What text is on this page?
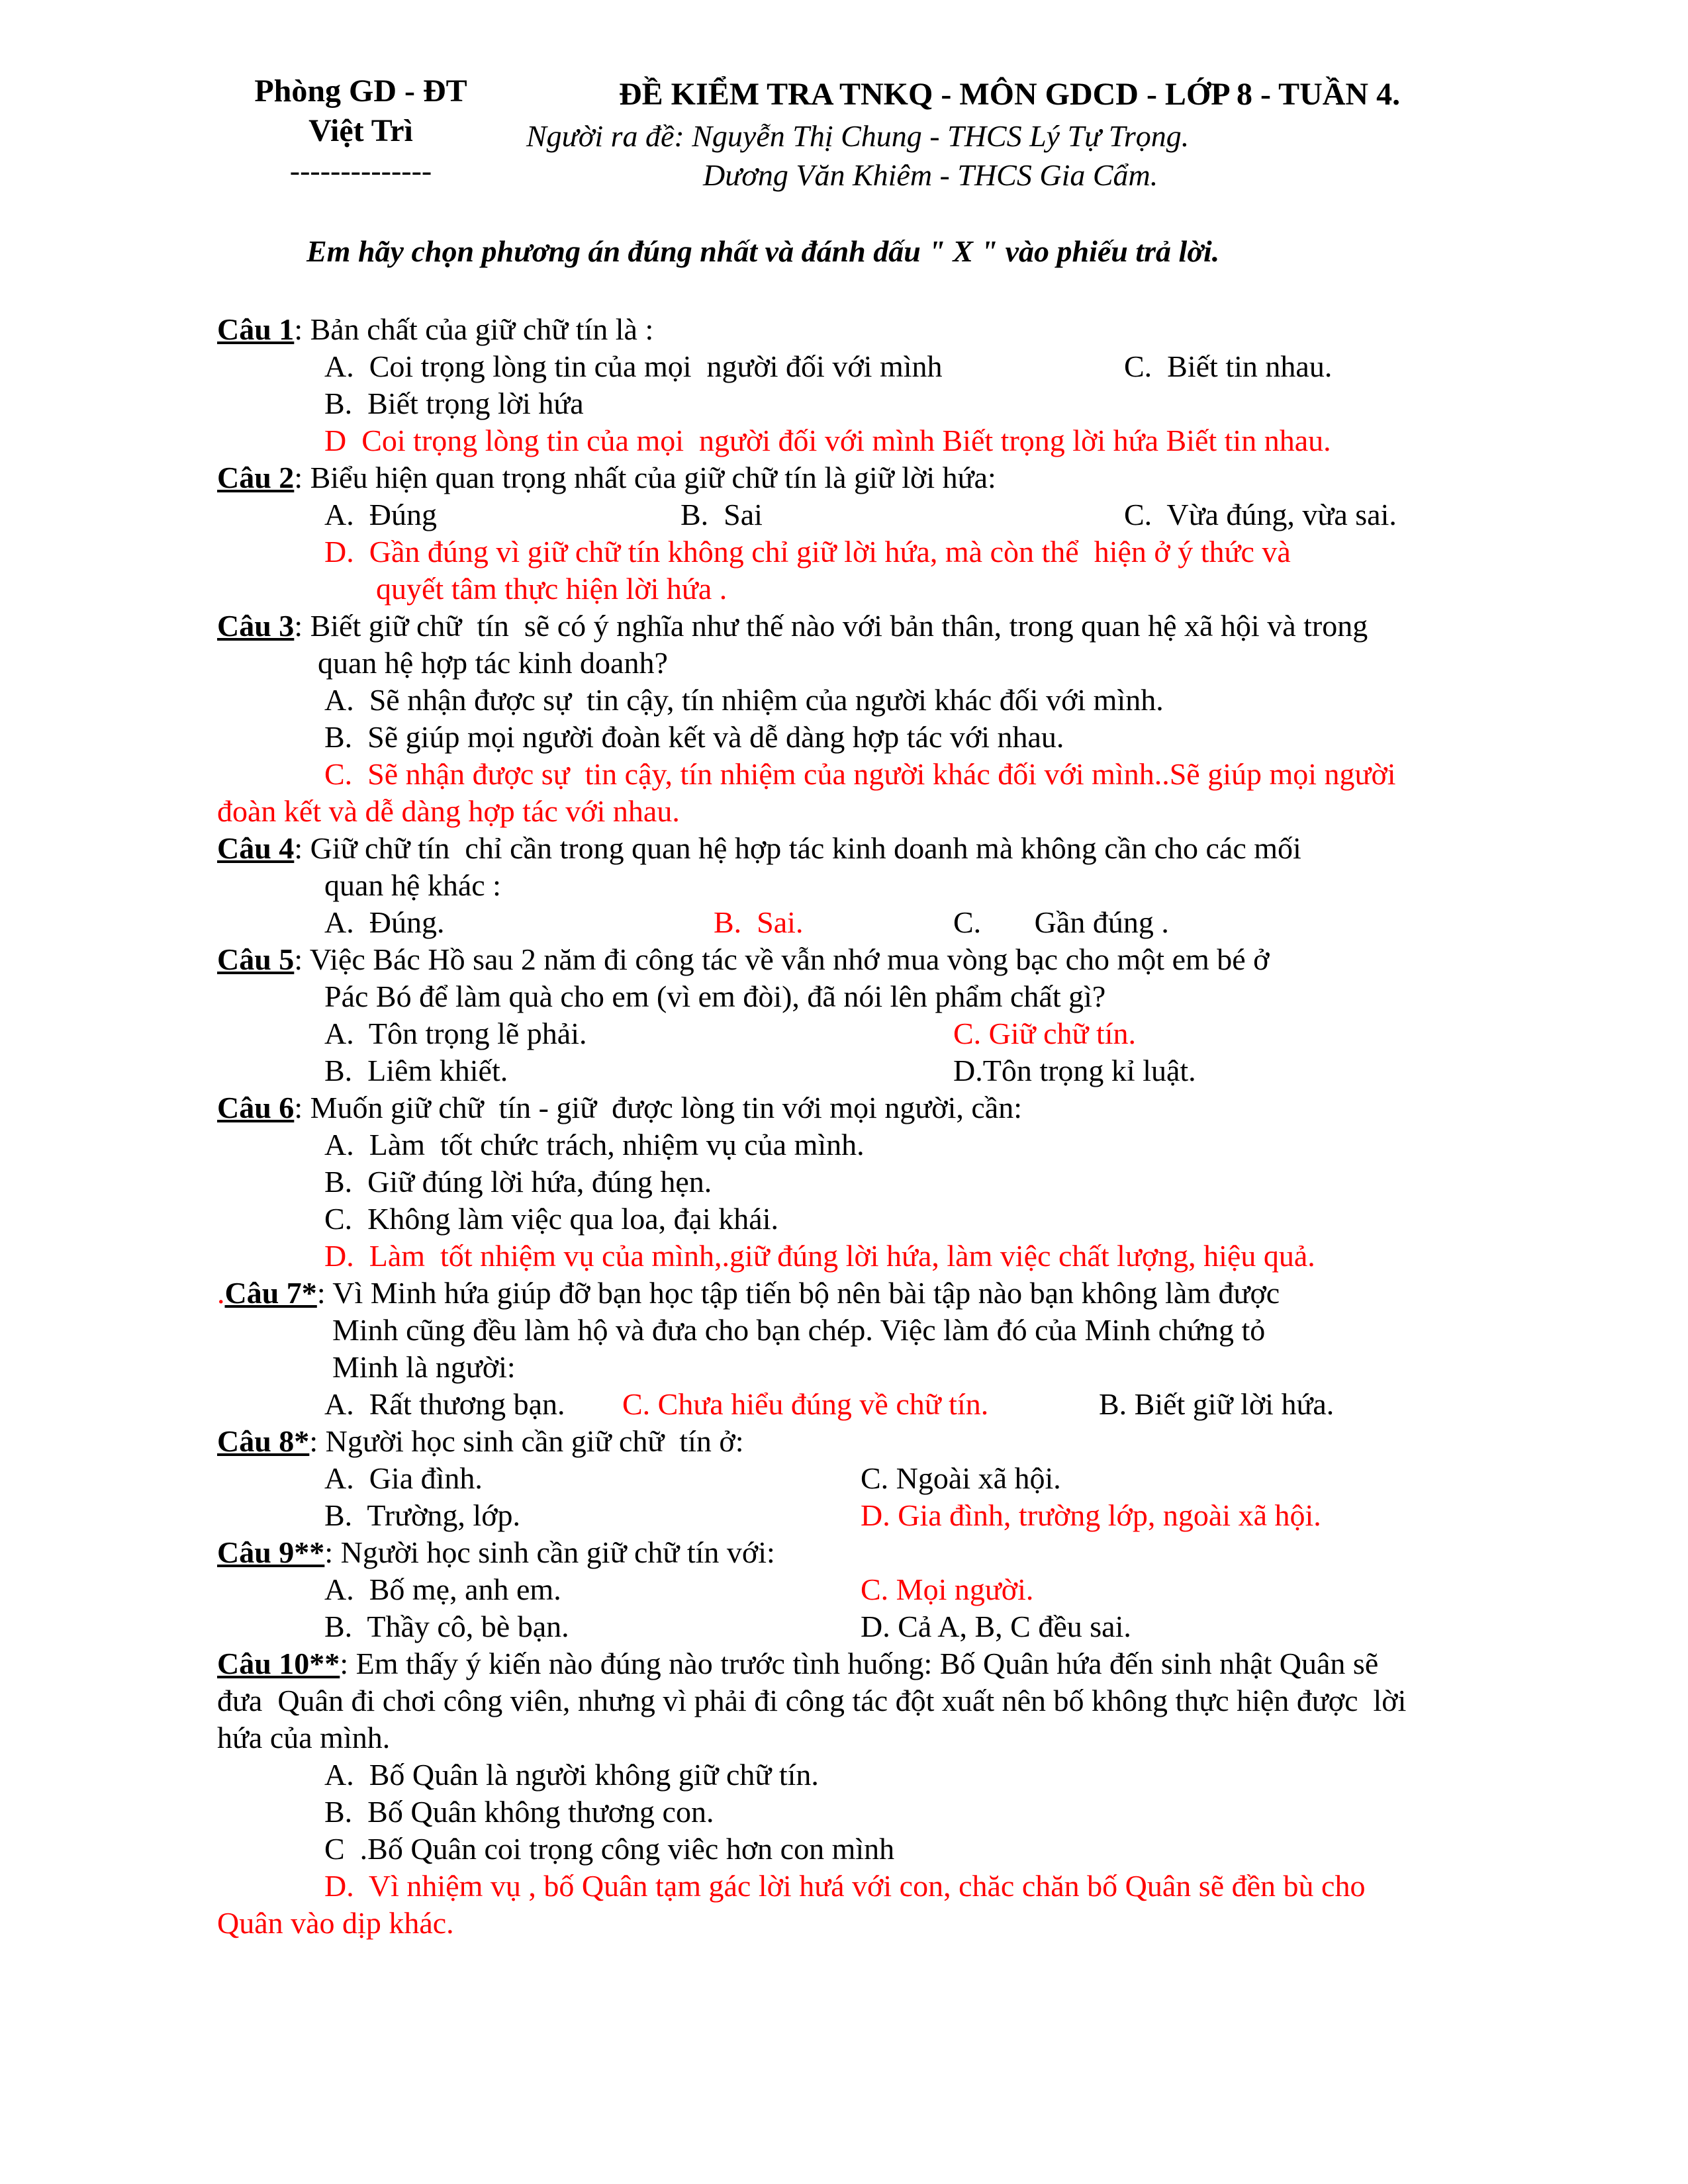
Phòng GD - ĐT
Việt Trì
--------------
ĐỀ KIỂM TRA TNKQ - MÔN GDCD - LỚP 8 - TUẦN 4.
Người ra đề: Nguyễn Thị Chung - THCS Lý Tự Trọng.
Dương Văn Khiêm - THCS Gia Cẩm.
Em hãy chọn phương án đúng nhất và đánh dấu " X " vào phiếu trả lời.
Câu 1: Bản chất của giữ chữ tín là :
A.  Coi trọng lòng tin của mọi  người đối với mình	C.  Biết tin nhau.
B.  Biết trọng lời hứa
D  Coi trọng lòng tin của mọi  người đối với mình Biết trọng lời hứa Biết tin nhau.
Câu 2: Biểu hiện quan trọng nhất của giữ chữ tín là giữ lời hứa:
A.  Đúng	B.  Sai	C.  Vừa đúng, vừa sai.
D.  Gần đúng vì giữ chữ tín không chỉ giữ lời hứa, mà còn thể  hiện ở ý thức và
quyết tâm thực hiện lời hứa .
Câu 3: Biết giữ chữ  tín  sẽ có ý nghĩa như thế nào với bản thân, trong quan hệ xã hội và trong
quan hệ hợp tác kinh doanh?
A.  Sẽ nhận được sự  tin cậy, tín nhiệm của người khác đối với mình.
B.  Sẽ giúp mọi người đoàn kết và dễ dàng hợp tác với nhau.
C.  Sẽ nhận được sự  tin cậy, tín nhiệm của người khác đối với mình..Sẽ giúp mọi người
đoàn kết và dễ dàng hợp tác với nhau.
Câu 4: Giữ chữ tín  chỉ cần trong quan hệ hợp tác kinh doanh mà không cần cho các mối
quan hệ khác :
A.  Đúng.	B.  Sai.	C.       Gần đúng .
Câu 5: Việc Bác Hồ sau 2 năm đi công tác về vẫn nhớ mua vòng bạc cho một em bé ở
Pác Bó để làm quà cho em (vì em đòi), đã nói lên phẩm chất gì?
A.  Tôn trọng lẽ phải.	C. Giữ chữ tín.
B.  Liêm khiết.	D.Tôn trọng kỉ luật.
Câu 6: Muốn giữ chữ  tín - giữ  được lòng tin với mọi người, cần:
A.  Làm  tốt chức trách, nhiệm vụ của mình.
B.  Giữ đúng lời hứa, đúng hẹn.
C.  Không làm việc qua loa, đại khái.
D.  Làm  tốt nhiệm vụ của mình,.giữ đúng lời hứa, làm việc chất lượng, hiệu quả.
.Câu 7*: Vì Minh hứa giúp đỡ bạn học tập tiến bộ nên bài tập nào bạn không làm được
Minh cũng đều làm hộ và đưa cho bạn chép. Việc làm đó của Minh chứng tỏ
Minh là người:
A.  Rất thương bạn. C. Chưa hiểu đúng về chữ tín.	B. Biết giữ lời hứa.
Câu 8*: Người học sinh cần giữ chữ  tín ở:
A.  Gia đình.	C. Ngoài xã hội.
B.  Trường, lớp.	D. Gia đình, trường lớp, ngoài xã hội.
Câu 9**: Người học sinh cần giữ chữ tín với:
A.  Bố mẹ, anh em.	C. Mọi người.
B.  Thầy cô, bè bạn.	D. Cả A, B, C đều sai.
Câu 10**: Em thấy ý kiến nào đúng nào trước tình huống: Bố Quân hứa đến sinh nhật Quân sẽ
đưa  Quân đi chơi công viên, nhưng vì phải đi công tác đột xuất nên bố không thực hiện được  lời
hứa của mình.
A.  Bố Quân là người không giữ chữ tín.
B.  Bố Quân không thương con.
C  .Bố Quân coi trọng công viêc hơn con mình
D.  Vì nhiệm vụ , bố Quân tạm gác lời hưá với con, chăc chăn bố Quân sẽ đền bù cho
Quân vào dịp khác.
